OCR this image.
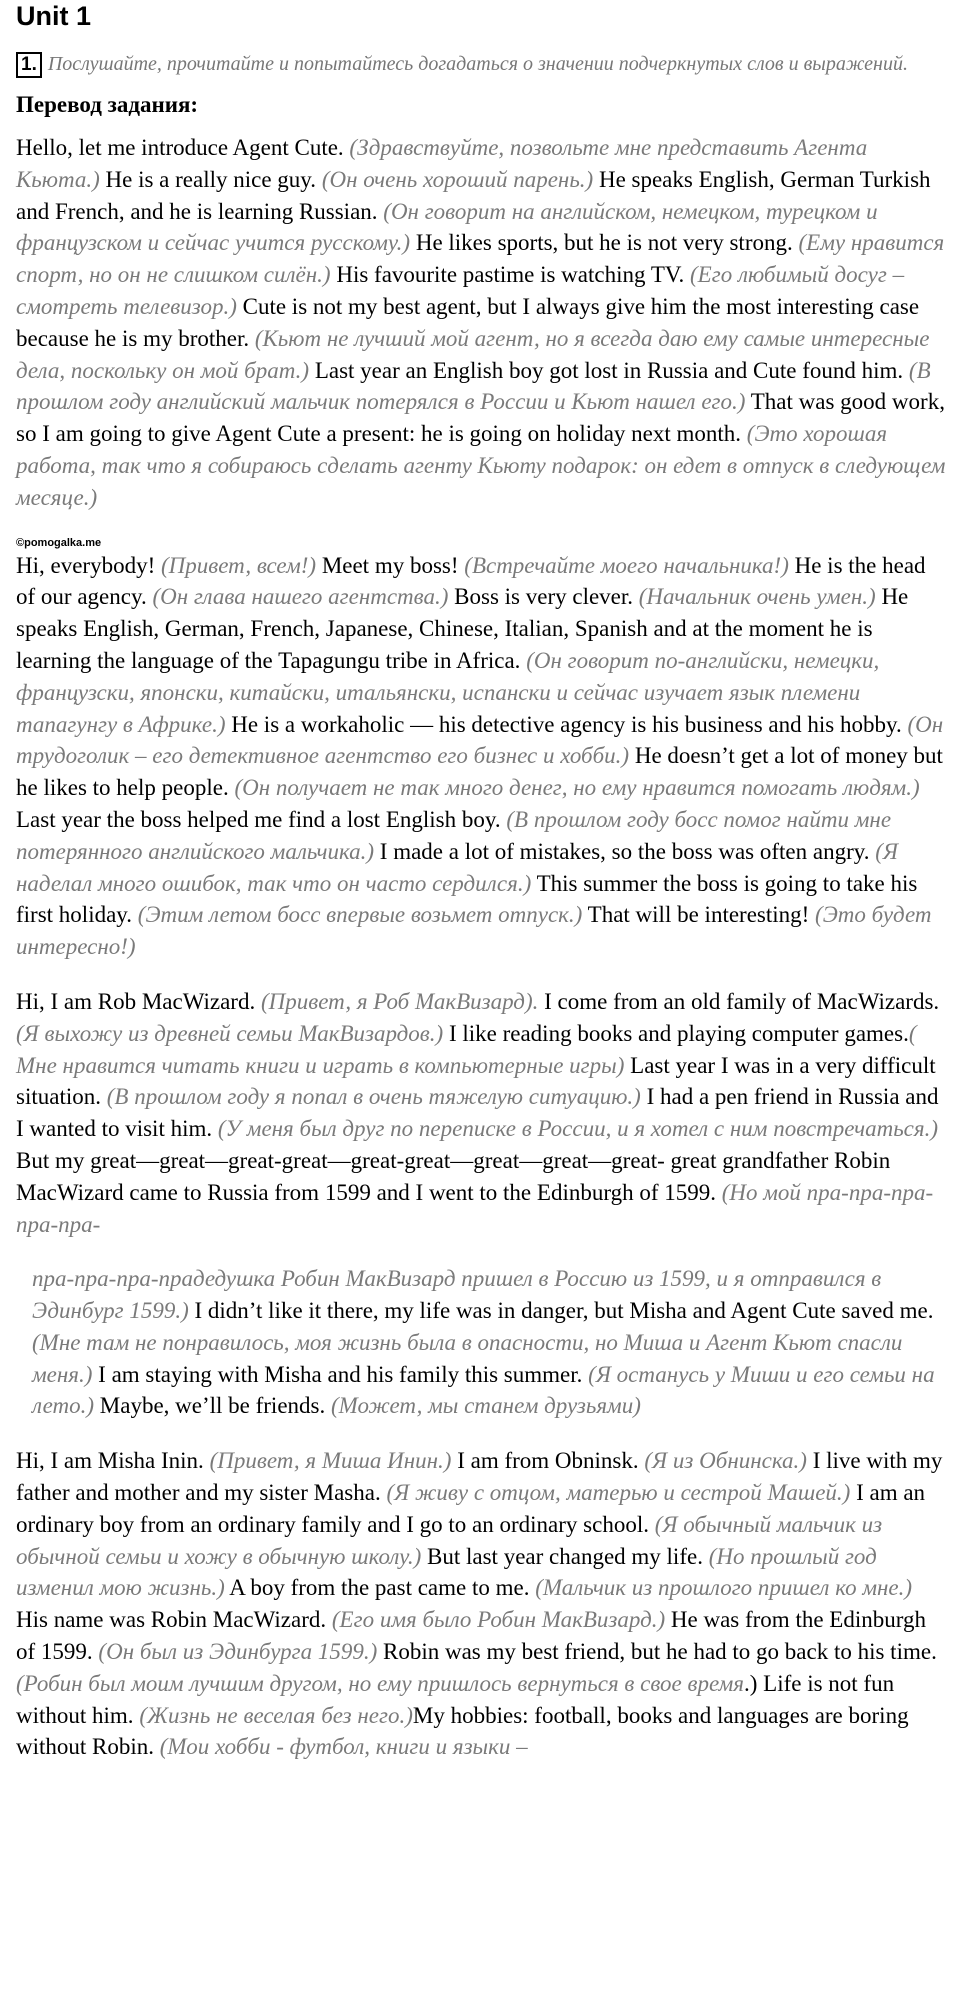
Unit 1
1. Послушайте, прочитайте и попытайтесь догадаться о значении подчеркнутых слов и выражений.
Перевод задания:

Hello, let me introduce Agent Cute. (Здравствуйте, позвольте мне представить Агента Кьюта.) He is a really nice guy. (Он очень хороший парень.) He speaks English, German Turkish and French, and he is learning Russian. (Он говорит на английском, немецком, турецком и французском и сейчас учится русскому.) He likes sports, but he is not very strong. (Ему нравится спорт, но он не слишком силён.) His favourite pastime is watching TV. (Его любимый досуг – смотреть телевизор.) Cute is not my best agent, but I always give him the most interesting case because he is my brother. (Кьют не лучший мой агент, но я всегда даю ему самые интересные дела, поскольку он мой брат.) Last year an English boy got lost in Russia and Cute found him. (В прошлом году английский мальчик потерялся в России и Кьют нашел его.) That was good work, so I am going to give Agent Cute a present: he is going on holiday next month. (Это хорошая работа, так что я собираюсь сделать агенту Кьюту подарок: он едет в отпуск в следующем месяце.)

©pomogalka.me

Hi, everybody! (Привет, всем!) Meet my boss! (Встречайте моего начальника!) He is the head of our agency. (Он глава нашего агентства.) Boss is very clever. (Начальник очень умен.) He speaks English, German, French, Japanese, Chinese, Italian, Spanish and at the moment he is learning the language of the Tapagungu tribe in Africa. (Он говорит по-английски, немецки, французски, японски, китайски, итальянски, испански и сейчас изучает язык племени тапагунгу в Африке.) He is a workaholic — his detective agency is his business and his hobby. (Он трудоголик – его детективное агентство его бизнес и хобби.) He doesn’t get a lot of money but he likes to help people. (Он получает не так много денег, но ему нравится помогать людям.) Last year the boss helped me find a lost English boy. (В прошлом году босс помог найти мне потерянного английского мальчика.) I made a lot of mistakes, so the boss was often angry. (Я наделал много ошибок, так что он часто сердился.) This summer the boss is going to take his first holiday. (Этим летом босс впервые возьмет отпуск.) That will be interesting! (Это будет интересно!)

Hi, I am Rob MacWizard. (Привет, я Роб МакВизард). I come from an old family of MacWizards. (Я выхожу из древней семьи МакВизардов.) I like reading books and playing computer games.( Мне нравится читать книги и играть в компьютерные игры) Last year I was in a very difficult situation. (В прошлом году я попал в очень тяжелую ситуацию.) I had a pen friend in Russia and I wanted to visit him. (У меня был друг по переписке в России, и я хотел с ним повстречаться.) But my great—great—great-great—great-great—great—great—great- great grandfather Robin MacWizard came to Russia from 1599 and I went to the Edinburgh of 1599. (Но мой пра-пра-пра-пра-пра-

пра-пра-пра-прадедушка Робин МакВизард пришел в Россию из 1599, и я отправился в Эдинбург 1599.) I didn’t like it there, my life was in danger, but Misha and Agent Cute saved me. (Мне там не понравилось, моя жизнь была в опасности, но Миша и Агент Кьют спасли меня.) I am staying with Misha and his family this summer. (Я останусь у Миши и его семьи на лето.) Maybe, we’ll be friends. (Может, мы станем друзьями)

Hi, I am Misha Inin. (Привет, я Миша Инин.) I am from Obninsk. (Я из Обнинска.) I live with my father and mother and my sister Masha. (Я живу с отцом, матерью и сестрой Машей.) I am an ordinary boy from an ordinary family and I go to an ordinary school. (Я обычный мальчик из обычной семьи и хожу в обычную школу.) But last year changed my life. (Но прошлый год изменил мою жизнь.) A boy from the past came to me. (Мальчик из прошлого пришел ко мне.) His name was Robin MacWizard. (Его имя было Робин МакВизард.) He was from the Edinburgh of 1599. (Он был из Эдинбурга 1599.) Robin was my best friend, but he had to go back to his time. (Робин был моим лучшим другом, но ему пришлось вернуться в свое время.) Life is not fun without him. (Жизнь не веселая без него.)My hobbies: football, books and languages are boring without Robin. (Мои хобби - футбол, книги и языки –
